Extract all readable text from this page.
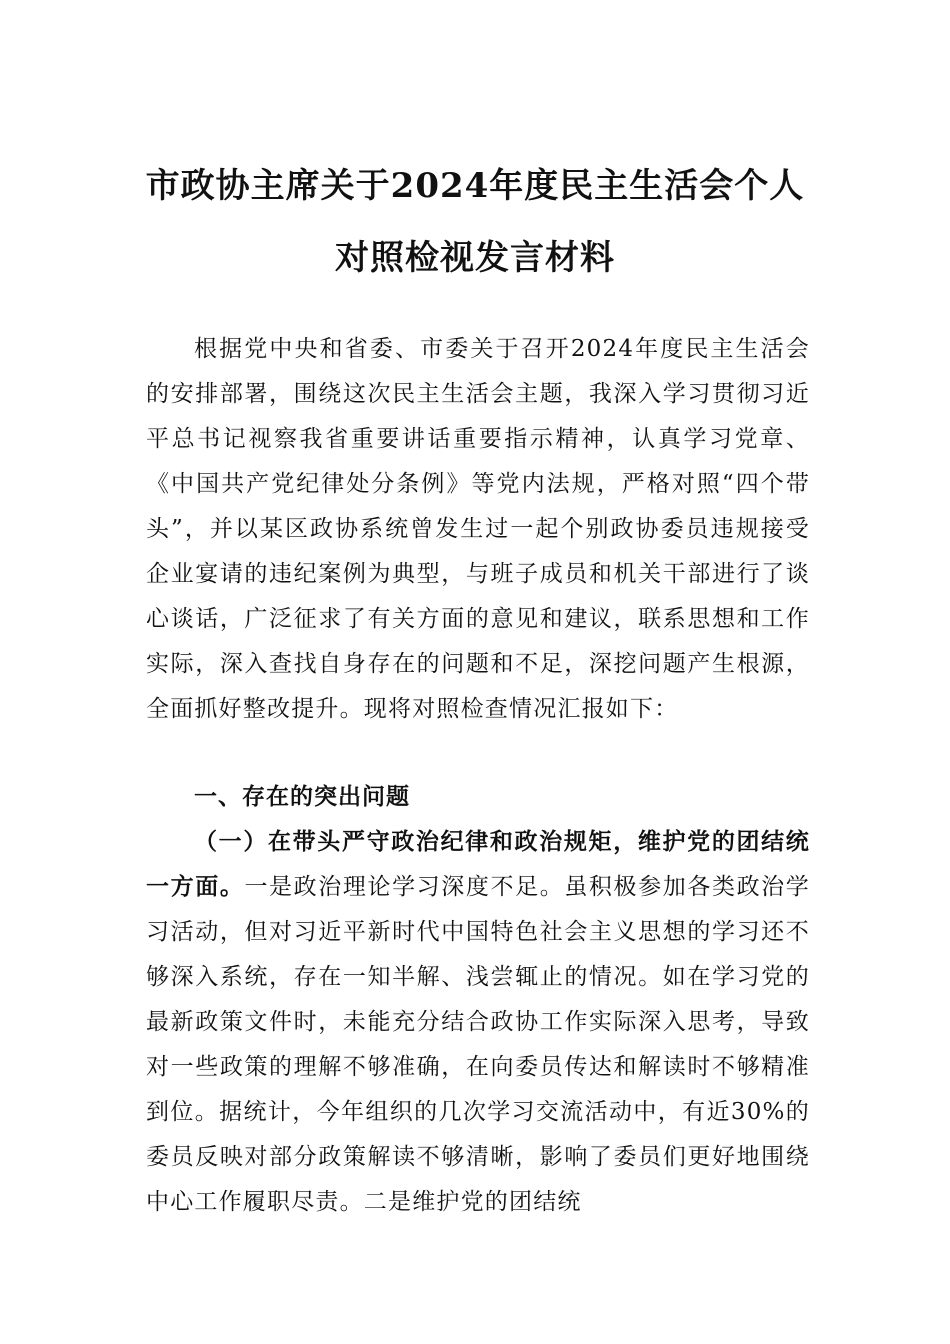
市政协主席关于2024年度民主生活会个人
对照检视发言材料

根据党中央和省委、市委关于召开2024年度民主生活会的安排部署，围绕这次民主生活会主题，我深入学习贯彻习近平总书记视察我省重要讲话重要指示精神，认真学习党章、《中国共产党纪律处分条例》等党内法规，严格对照“四个带头”，并以某区政协系统曾发生过一起个别政协委员违规接受企业宴请的违纪案例为典型，与班子成员和机关干部进行了谈心谈话，广泛征求了有关方面的意见和建议，联系思想和工作实际，深入查找自身存在的问题和不足，深挖问题产生根源，全面抓好整改提升。现将对照检查情况汇报如下：

一、存在的突出问题

（一）在带头严守政治纪律和政治规矩，维护党的团结统一方面。一是政治理论学习深度不足。虽积极参加各类政治学习活动，但对习近平新时代中国特色社会主义思想的学习还不够深入系统，存在一知半解、浅尝辄止的情况。如在学习党的最新政策文件时，未能充分结合政协工作实际深入思考，导致对一些政策的理解不够准确，在向委员传达和解读时不够精准到位。据统计，今年组织的几次学习交流活动中，有近30%的委员反映对部分政策解读不够清晰，影响了委员们更好地围绕中心工作履职尽责。二是维护党的团结统
